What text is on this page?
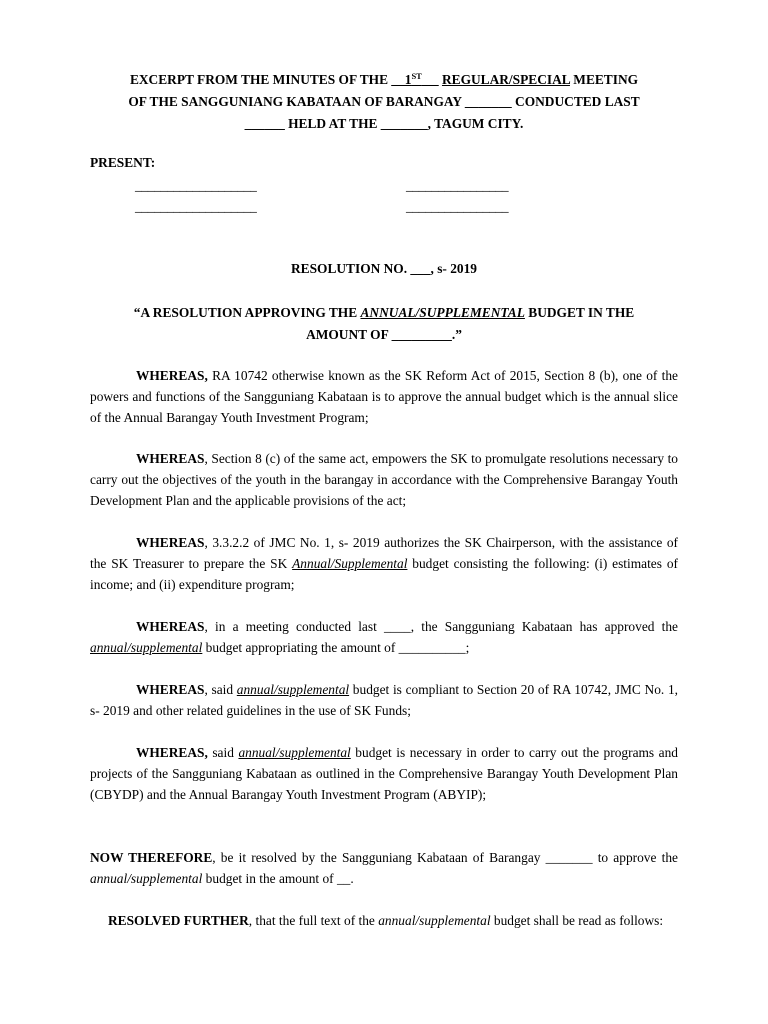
EXCERPT FROM THE MINUTES OF THE __1ST __ REGULAR/SPECIAL MEETING
OF THE SANGGUNIANG KABATAAN OF BARANGAY _______ CONDUCTED LAST
______ HELD AT THE _______, TAGUM CITY.
PRESENT:
___________________	________________
___________________	________________
RESOLUTION NO. ___, s- 2019
“A RESOLUTION APPROVING THE ANNUAL/SUPPLEMENTAL BUDGET IN THE
AMOUNT OF _________.”

WHEREAS, RA 10742 otherwise known as the SK Reform Act of 2015, Section 8 (b), one of the powers and functions of the Sangguniang Kabataan is to approve the annual budget which is the annual slice of the Annual Barangay Youth Investment Program;

WHEREAS, Section 8 (c) of the same act, empowers the SK to promulgate resolutions necessary to carry out the objectives of the youth in the barangay in accordance with the Comprehensive Barangay Youth Development Plan and the applicable provisions of the act;

WHEREAS, 3.3.2.2 of JMC No. 1, s- 2019 authorizes the SK Chairperson, with the assistance of the SK Treasurer to prepare the SK Annual/Supplemental budget consisting the following: (i) estimates of income; and (ii) expenditure program;

WHEREAS, in a meeting conducted last ____, the Sangguniang Kabataan has approved the annual/supplemental budget appropriating the amount of __________;

WHEREAS, said annual/supplemental budget is compliant to Section 20 of RA 10742, JMC No. 1, s- 2019 and other related guidelines in the use of SK Funds;

WHEREAS, said annual/supplemental budget is necessary in order to carry out the programs and projects of the Sangguniang Kabataan as outlined in the Comprehensive Barangay Youth Development Plan (CBYDP) and the Annual Barangay Youth Investment Program (ABYIP);

NOW THEREFORE, be it resolved by the Sangguniang Kabataan of Barangay _______ to approve the annual/supplemental budget in the amount of __.

RESOLVED FURTHER, that the full text of the annual/supplemental budget shall be read as follows:
